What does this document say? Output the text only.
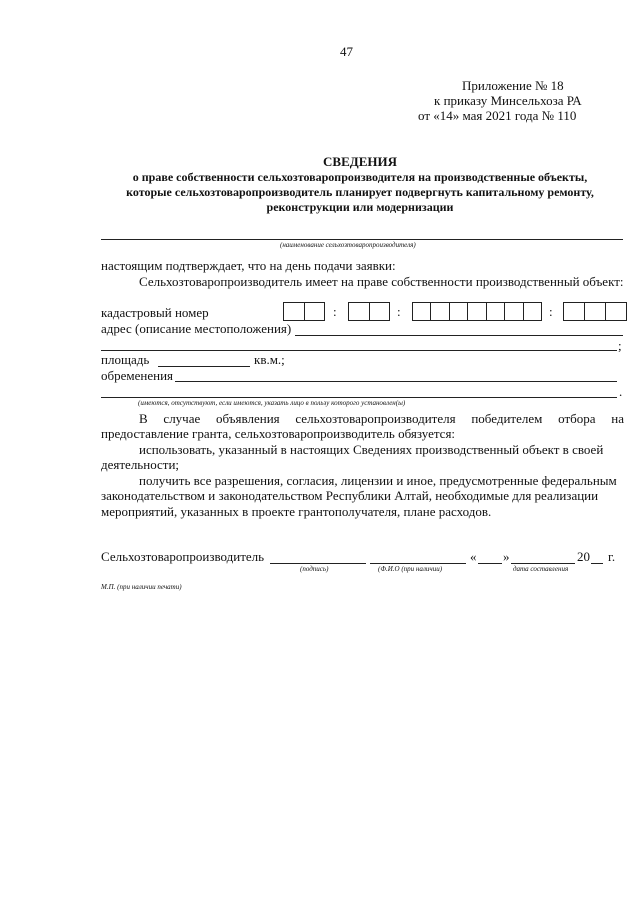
47
Приложение № 18
к приказу Минсельхоза РА
от «14» мая 2021 года № 110
СВЕДЕНИЯ
о праве собственности сельхозтоваропроизводителя на производственные объекты,
которые сельхозтоваропроизводитель планирует подвергнуть капитальному ремонту,
реконструкции или модернизации
(наименование сельхозтоваропроизводителя)
настоящим подтверждает, что на день подачи заявки:
Сельхозтоваропроизводитель имеет на праве собственности производственный объект:
кадастровый номер	:	:	:
адрес (описание местоположения)
;
площадь	кв.м.;
обременения
.
(имеются, отсутствуют, если имеются, указать лицо в пользу которого установлен(ы)
В случае объявления сельхозтоваропроизводителя победителем отбора на
предоставление гранта, сельхозтоваропроизводитель обязуется:
использовать, указанный в настоящих Сведениях производственный объект в своей
деятельности;
получить все разрешения, согласия, лицензии и иное, предусмотренные федеральным
законодательством и законодательством Республики Алтай, необходимые для реализации
мероприятий, указанных в проекте грантополучателя, плане расходов.
Сельхозтоваропроизводитель	« »	20 г.
(подпись)	(Ф.И.О (при наличии)	дата составления
М.П. (при наличии печати)
